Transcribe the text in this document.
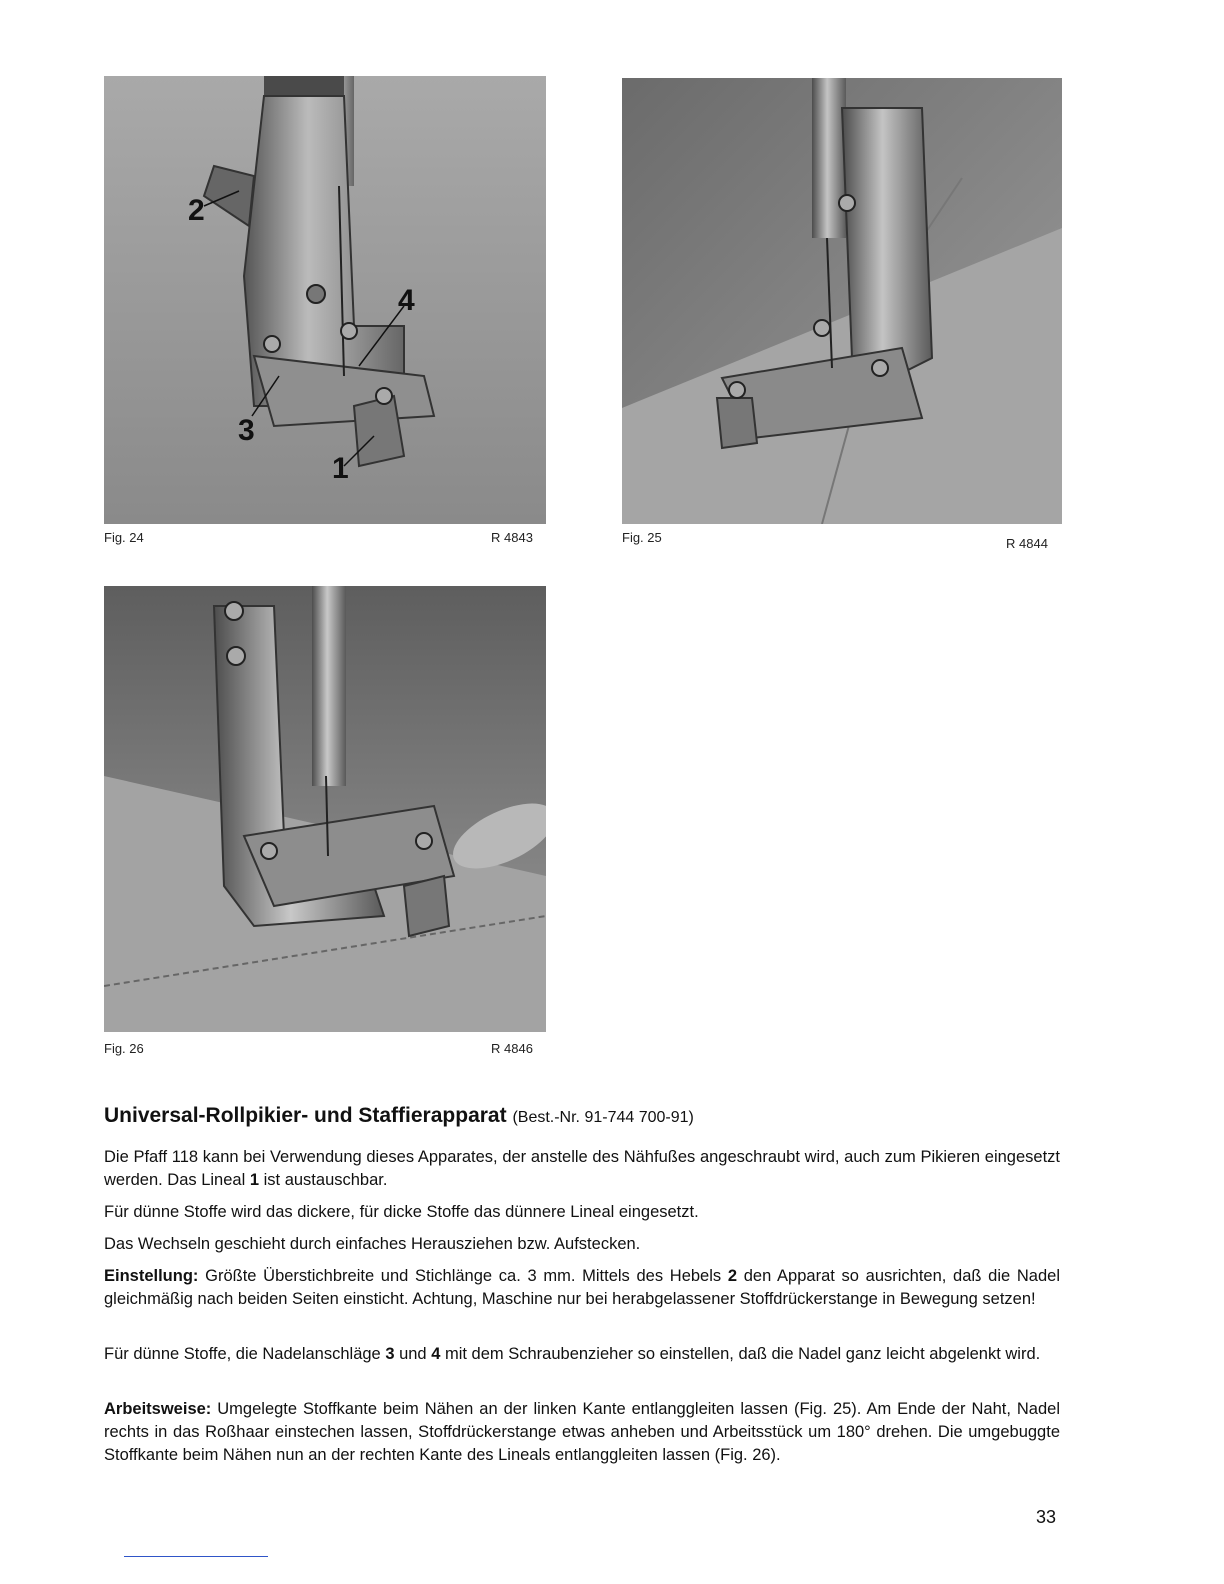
2
4
3
1
Fig. 24	R 4843	Fig. 25	R 4844
Fig. 26	R 4846
Universal-Rollpikier- und Staffierapparat (Best.-Nr. 91-744 700-91)

Die Pfaff 118 kann bei Verwendung dieses Apparates, der anstelle des Nähfußes angeschraubt wird, auch zum Pikieren eingesetzt werden. Das Lineal 1 ist austauschbar.

Für dünne Stoffe wird das dickere, für dicke Stoffe das dünnere Lineal eingesetzt.

Das Wechseln geschieht durch einfaches Herausziehen bzw. Aufstecken.

Einstellung: Größte Überstichbreite und Stichlänge ca. 3 mm. Mittels des Hebels 2 den Apparat so ausrichten, daß die Nadel gleichmäßig nach beiden Seiten einsticht. Achtung, Maschine nur bei herabgelassener Stoffdrückerstange in Bewegung setzen!

Für dünne Stoffe, die Nadelanschläge 3 und 4 mit dem Schraubenzieher so einstellen, daß die Nadel ganz leicht abgelenkt wird.

Arbeitsweise: Umgelegte Stoffkante beim Nähen an der linken Kante entlanggleiten lassen (Fig. 25). Am Ende der Naht, Nadel rechts in das Roßhaar einstechen lassen, Stoffdrückerstange etwas anheben und Arbeitsstück um 180° drehen. Die umgebuggte Stoffkante beim Nähen nun an der rechten Kante des Lineals entlanggleiten lassen (Fig. 26).

33
